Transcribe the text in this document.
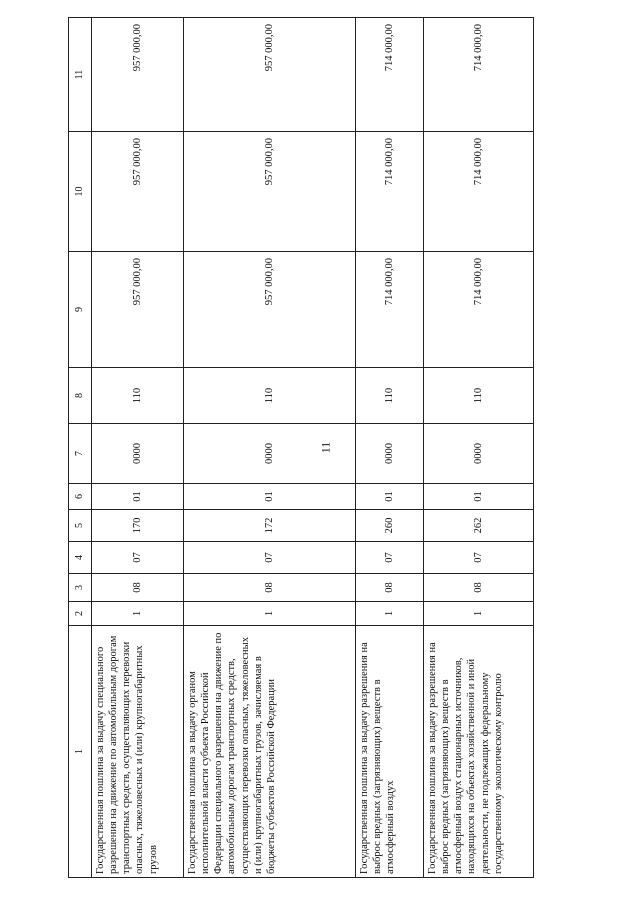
11
1	2	3	4	5	6	7	8	9	10	11
Государственная пошлина за выдачу специального разрешения на движение по автомобильным дорогам транспортных средств, осуществляющих перевозки опасных, тяжеловесных и (или) крупногабаритных грузов	1	08	07	170	01	0000	110	957 000,00	957 000,00	957 000,00
Государственная пошлина за выдачу органом исполнительной власти субъекта Российской Федерации специального разрешения на движение по автомобильным дорогам транспортных средств, осуществляющих перевозки опасных, тяжеловесных и (или) крупногабаритных грузов, зачисляемая в бюджеты субъектов Российской Федерации	1	08	07	172	01	0000	110	957 000,00	957 000,00	957 000,00
Государственная пошлина за выдачу разрешения на выброс вредных (загрязняющих) веществ в атмосферный воздух	1	08	07	260	01	0000	110	714 000,00	714 000,00	714 000,00
Государственная пошлина за выдачу разрешения на выброс вредных (загрязняющих) веществ в атмосферный воздух стационарных источников, находящихся на объектах хозяйственной и иной деятельности, не подлежащих федеральному государственному экологическому контролю	1	08	07	262	01	0000	110	714 000,00	714 000,00	714 000,00
